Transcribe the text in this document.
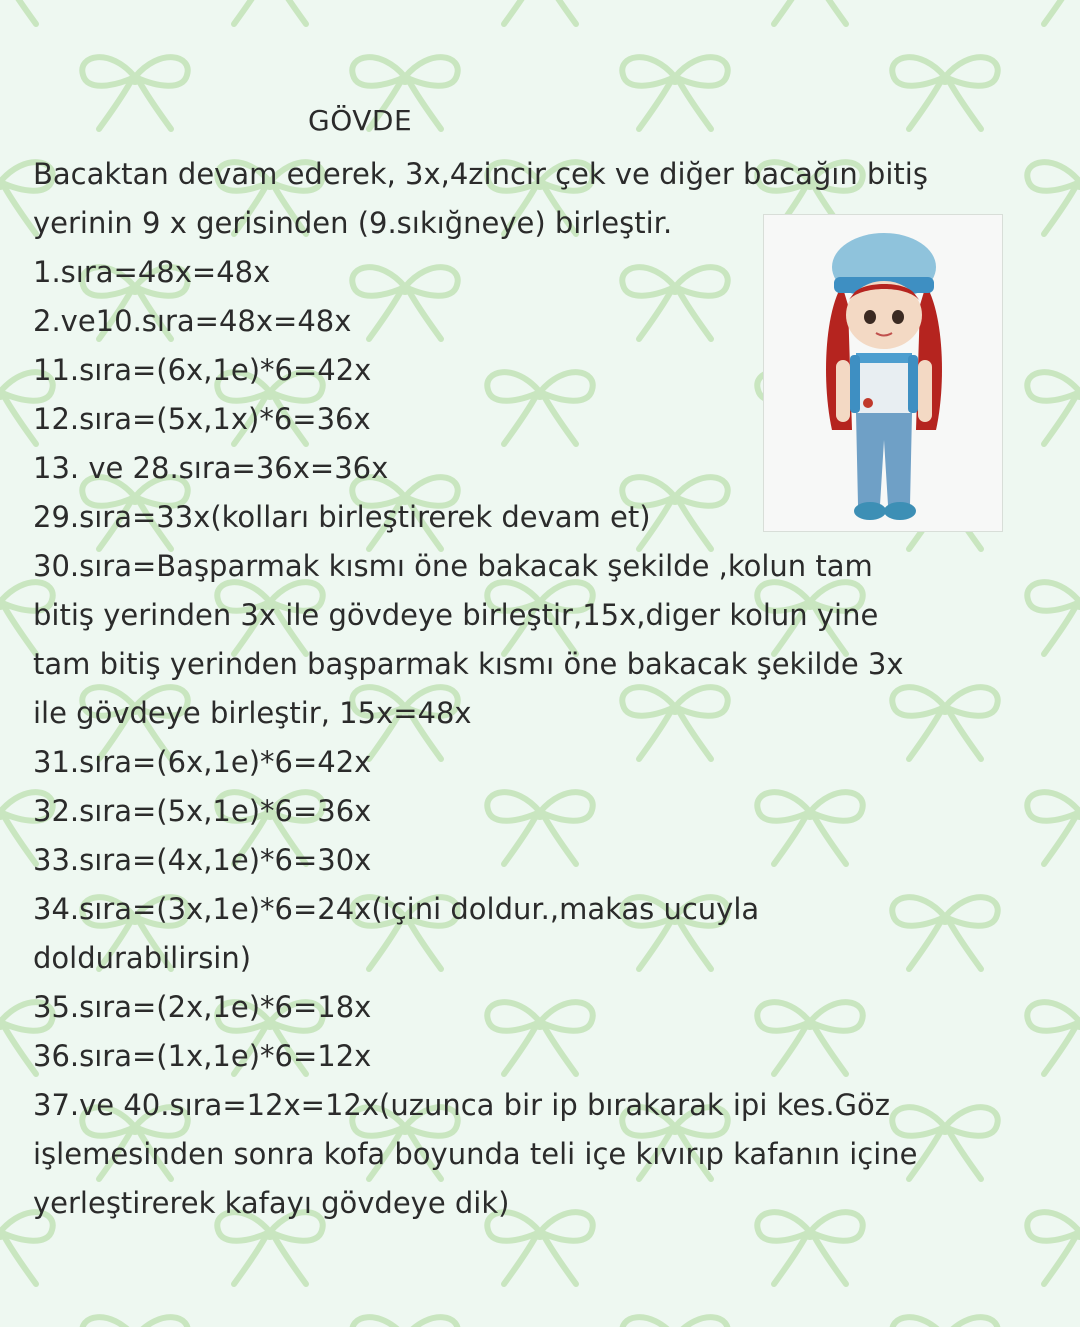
GÖVDE
Bacaktan devam ederek, 3x,4zincir çek ve diğer bacağın bitiş
yerinin 9 x gerisinden (9.sıkığneye) birleştir.
1.sıra=48x=48x
2.ve10.sıra=48x=48x
11.sıra=(6x,1e)*6=42x
12.sıra=(5x,1x)*6=36x
13. ve 28.sıra=36x=36x
29.sıra=33x(kolları birleştirerek devam et)
30.sıra=Başparmak kısmı öne bakacak şekilde ,kolun tam
bitiş yerinden 3x ile gövdeye birleştir,15x,diger kolun yine
tam bitiş yerinden başparmak kısmı öne bakacak şekilde 3x
ile gövdeye birleştir, 15x=48x
31.sıra=(6x,1e)*6=42x
32.sıra=(5x,1e)*6=36x
33.sıra=(4x,1e)*6=30x
34.sıra=(3x,1e)*6=24x(içini doldur.,makas ucuyla
doldurabilirsin)
35.sıra=(2x,1e)*6=18x
36.sıra=(1x,1e)*6=12x
37.ve 40.sıra=12x=12x(uzunca bir ip bırakarak ipi kes.Göz
işlemesinden sonra kofa boyunda teli içe kıvırıp kafanın içine
yerleştirerek kafayı gövdeye dik)
